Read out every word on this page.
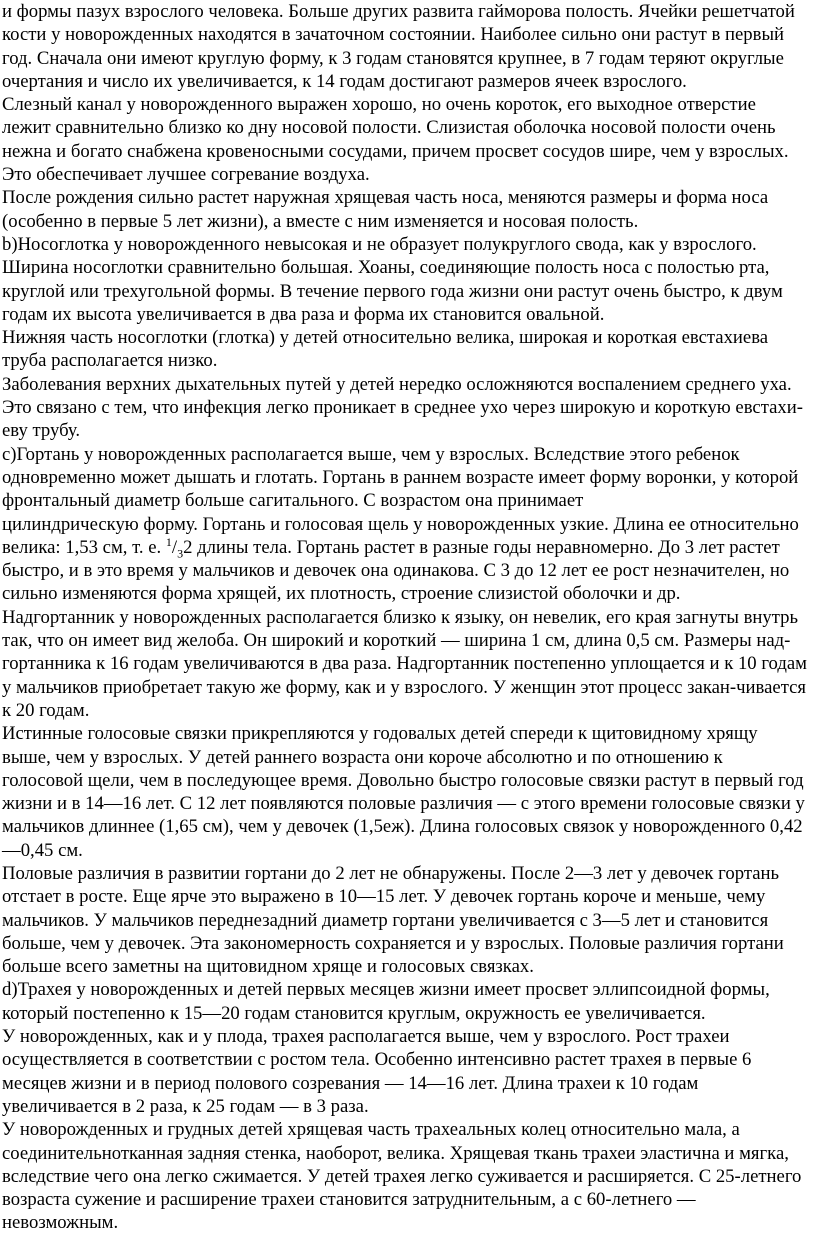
и формы пазух взрослого человека. Больше других развита гайморова полость. Ячейки решетчатой кости у новорожденных находятся в зачаточном состоянии. Наиболее сильно они растут в первый год. Сначала они имеют круглую форму, к 3 годам становятся крупнее, в 7 годам теряют округлые очертания и число их увеличивается, к 14 годам достигают размеров ячеек взрослого.

Слезный канал у новорожденного выражен хорошо, но очень короток, его выходное отверстие лежит сравнительно близко ко дну носовой полости. Слизистая оболочка носовой полости очень нежна и богато снабжена кровеносными сосудами, причем просвет сосудов шире, чем у взрослых. Это обеспечивает лучшее согревание воздуха.

После рождения сильно растет наружная хрящевая часть носа, меняются размеры и форма носа (особенно в первые 5 лет жизни), а вместе с ним изменяется и носовая полость.

b)Носоглотка у новорожденного невысокая и не образует полукруглого свода, как у взрослого. Ширина носоглотки сравнительно большая. Хоаны, соединяющие полость носа с полостью рта, круглой или трехугольной формы. В течение первого года жизни они растут очень быстро, к двум годам их высота увеличивается в два раза и форма их становится овальной.

Нижняя часть носоглотки (глотка) у детей относительно велика, широкая и короткая евстахиева труба располагается низко.

Заболевания верхних дыхательных путей у детей нередко осложняются воспалением среднего уха. Это связано с тем, что инфекция легко проникает в среднее ухо через широкую и короткую евстахи-еву трубу.

c)Гортань у новорожденных располагается выше, чем у взрослых. Вследствие этого ребенок одновременно может дышать и глотать. Гортань в раннем возрасте имеет форму воронки, у которой фронтальный диаметр больше сагитального. С возрастом она принимает

цилиндрическую форму. Гортань и голосовая щель у новорожденных узкие. Длина ее относительно велика: 1,53 см, т. е. $^1/_32$ длины тела. Гортань растет в разные годы неравномерно. До 3 лет растет быстро, и в это время у мальчиков и девочек она одинакова. С 3 до 12 лет ее рост незначителен, но сильно изменяются форма хрящей, их плотность, строение слизистой оболочки и др.

Надгортанник у новорожденных располагается близко к языку, он невелик, его края загнуты внутрь так, что он имеет вид желоба. Он широкий и короткий — ширина 1 см, длина 0,5 см. Размеры над-гортанника к 16 годам увеличиваются в два раза. Надгортанник постепенно уплощается и к 10 годам у мальчиков приобретает такую же форму, как и у взрослого. У женщин этот процесс закан-чивается к 20 годам.

Истинные голосовые связки прикрепляются у годовалых детей спереди к щитовидному хрящу выше, чем у взрослых. У детей раннего возраста они короче абсолютно и по отношению к голосовой щели, чем в последующее время. Довольно быстро голосовые связки растут в первый год жизни и в 14—16 лет. С 12 лет появляются половые различия — с этого времени голосовые связки у мальчиков длиннее (1,65 см), чем у девочек (1,5еж). Длина голосовых связок у новорожденного 0,42—0,45 см.

Половые различия в развитии гортани до 2 лет не обнаружены. После 2—3 лет у девочек гортань отстает в росте. Еще ярче это выражено в 10—15 лет. У девочек гортань короче и меньше, чему мальчиков. У мальчиков переднезадний диаметр гортани увеличивается с 3—5 лет и становится больше, чем у девочек. Эта закономерность сохраняется и у взрослых. Половые различия гортани больше всего заметны на щитовидном хряще и голосовых связках.

d)Трахея у новорожденных и детей первых месяцев жизни имеет просвет эллипсоидной формы, который постепенно к 15—20 годам становится круглым, окружность ее увеличивается.

У новорожденных, как и у плода, трахея располагается выше, чем у взрослого. Рост трахеи осуществляется в соответствии с ростом тела. Особенно интенсивно растет трахея в первые 6 месяцев жизни и в период полового созревания — 14—16 лет. Длина трахеи к 10 годам увеличивается в 2 раза, к 25 годам — в 3 раза.

У новорожденных и грудных детей хрящевая часть трахеальных колец относительно мала, а соединительнотканная задняя стенка, наоборот, велика. Хрящевая ткань трахеи эластична и мягка, вследствие чего она легко сжимается. У детей трахея легко суживается и расширяется. С 25-летнего возраста сужение и расширение трахеи становится затруднительным, а с 60-летнего — невозможным.
